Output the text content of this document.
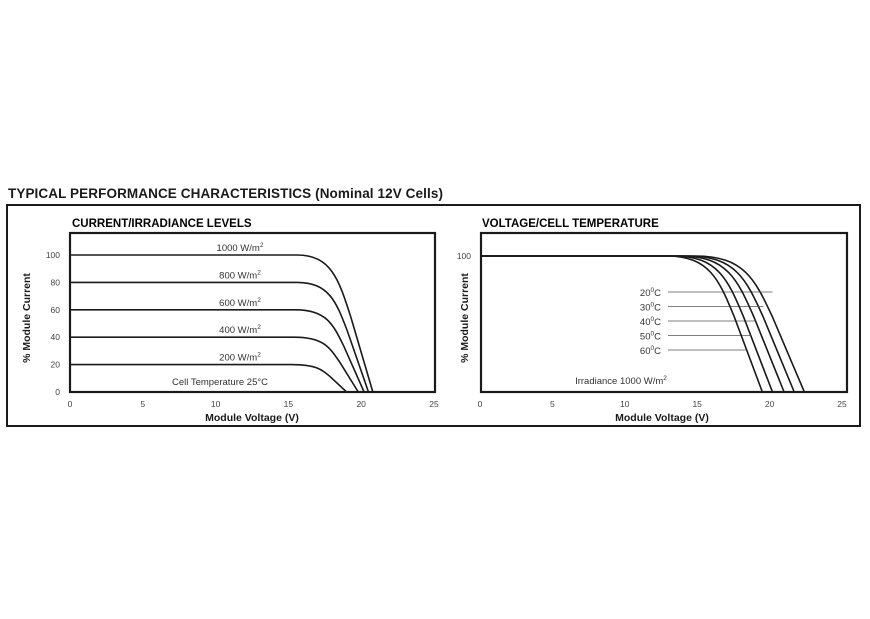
TYPICAL PERFORMANCE CHARACTERISTICS (Nominal 12V Cells)
CURRENT/IRRADIANCE LEVELS
Module Voltage (V)
% Module Current
0	5	10	15	20	25
0
20
40
60
80
100
1000 $W/m^2$
800 $W/m^2$
600 $W/m^2$
400 $W/m^2$
200 $W/m^2$
Cell Temperature 25°C
VOLTAGE/CELL TEMPERATURE
Module Voltage (V)
% Module Current
0	5	10	15	20	25
100
$20^0C$
$30^0C$
$40^0C$
$50^0C$
$60^0C$
Irradiance 1000 $W/m^2$
